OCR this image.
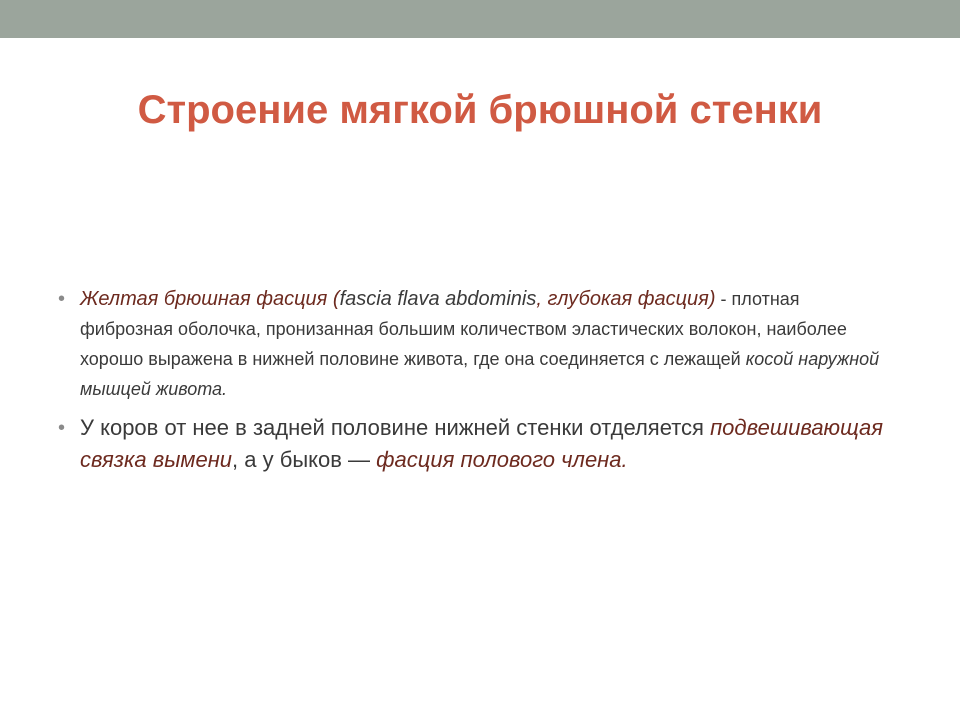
Строение мягкой брюшной стенки
• Желтая брюшная фасция (fascia flava abdominis, глубокая фасция) - плотная фиброзная оболочка, пронизанная большим количеством эластических волокон, наиболее хорошо выражена в нижней половине живота, где она соединяется с лежащей косой наружной мышцей живота.
• У коров от нее в задней половине нижней стенки отделяется подвешивающая связка вымени, а у быков — фасция полового члена.
